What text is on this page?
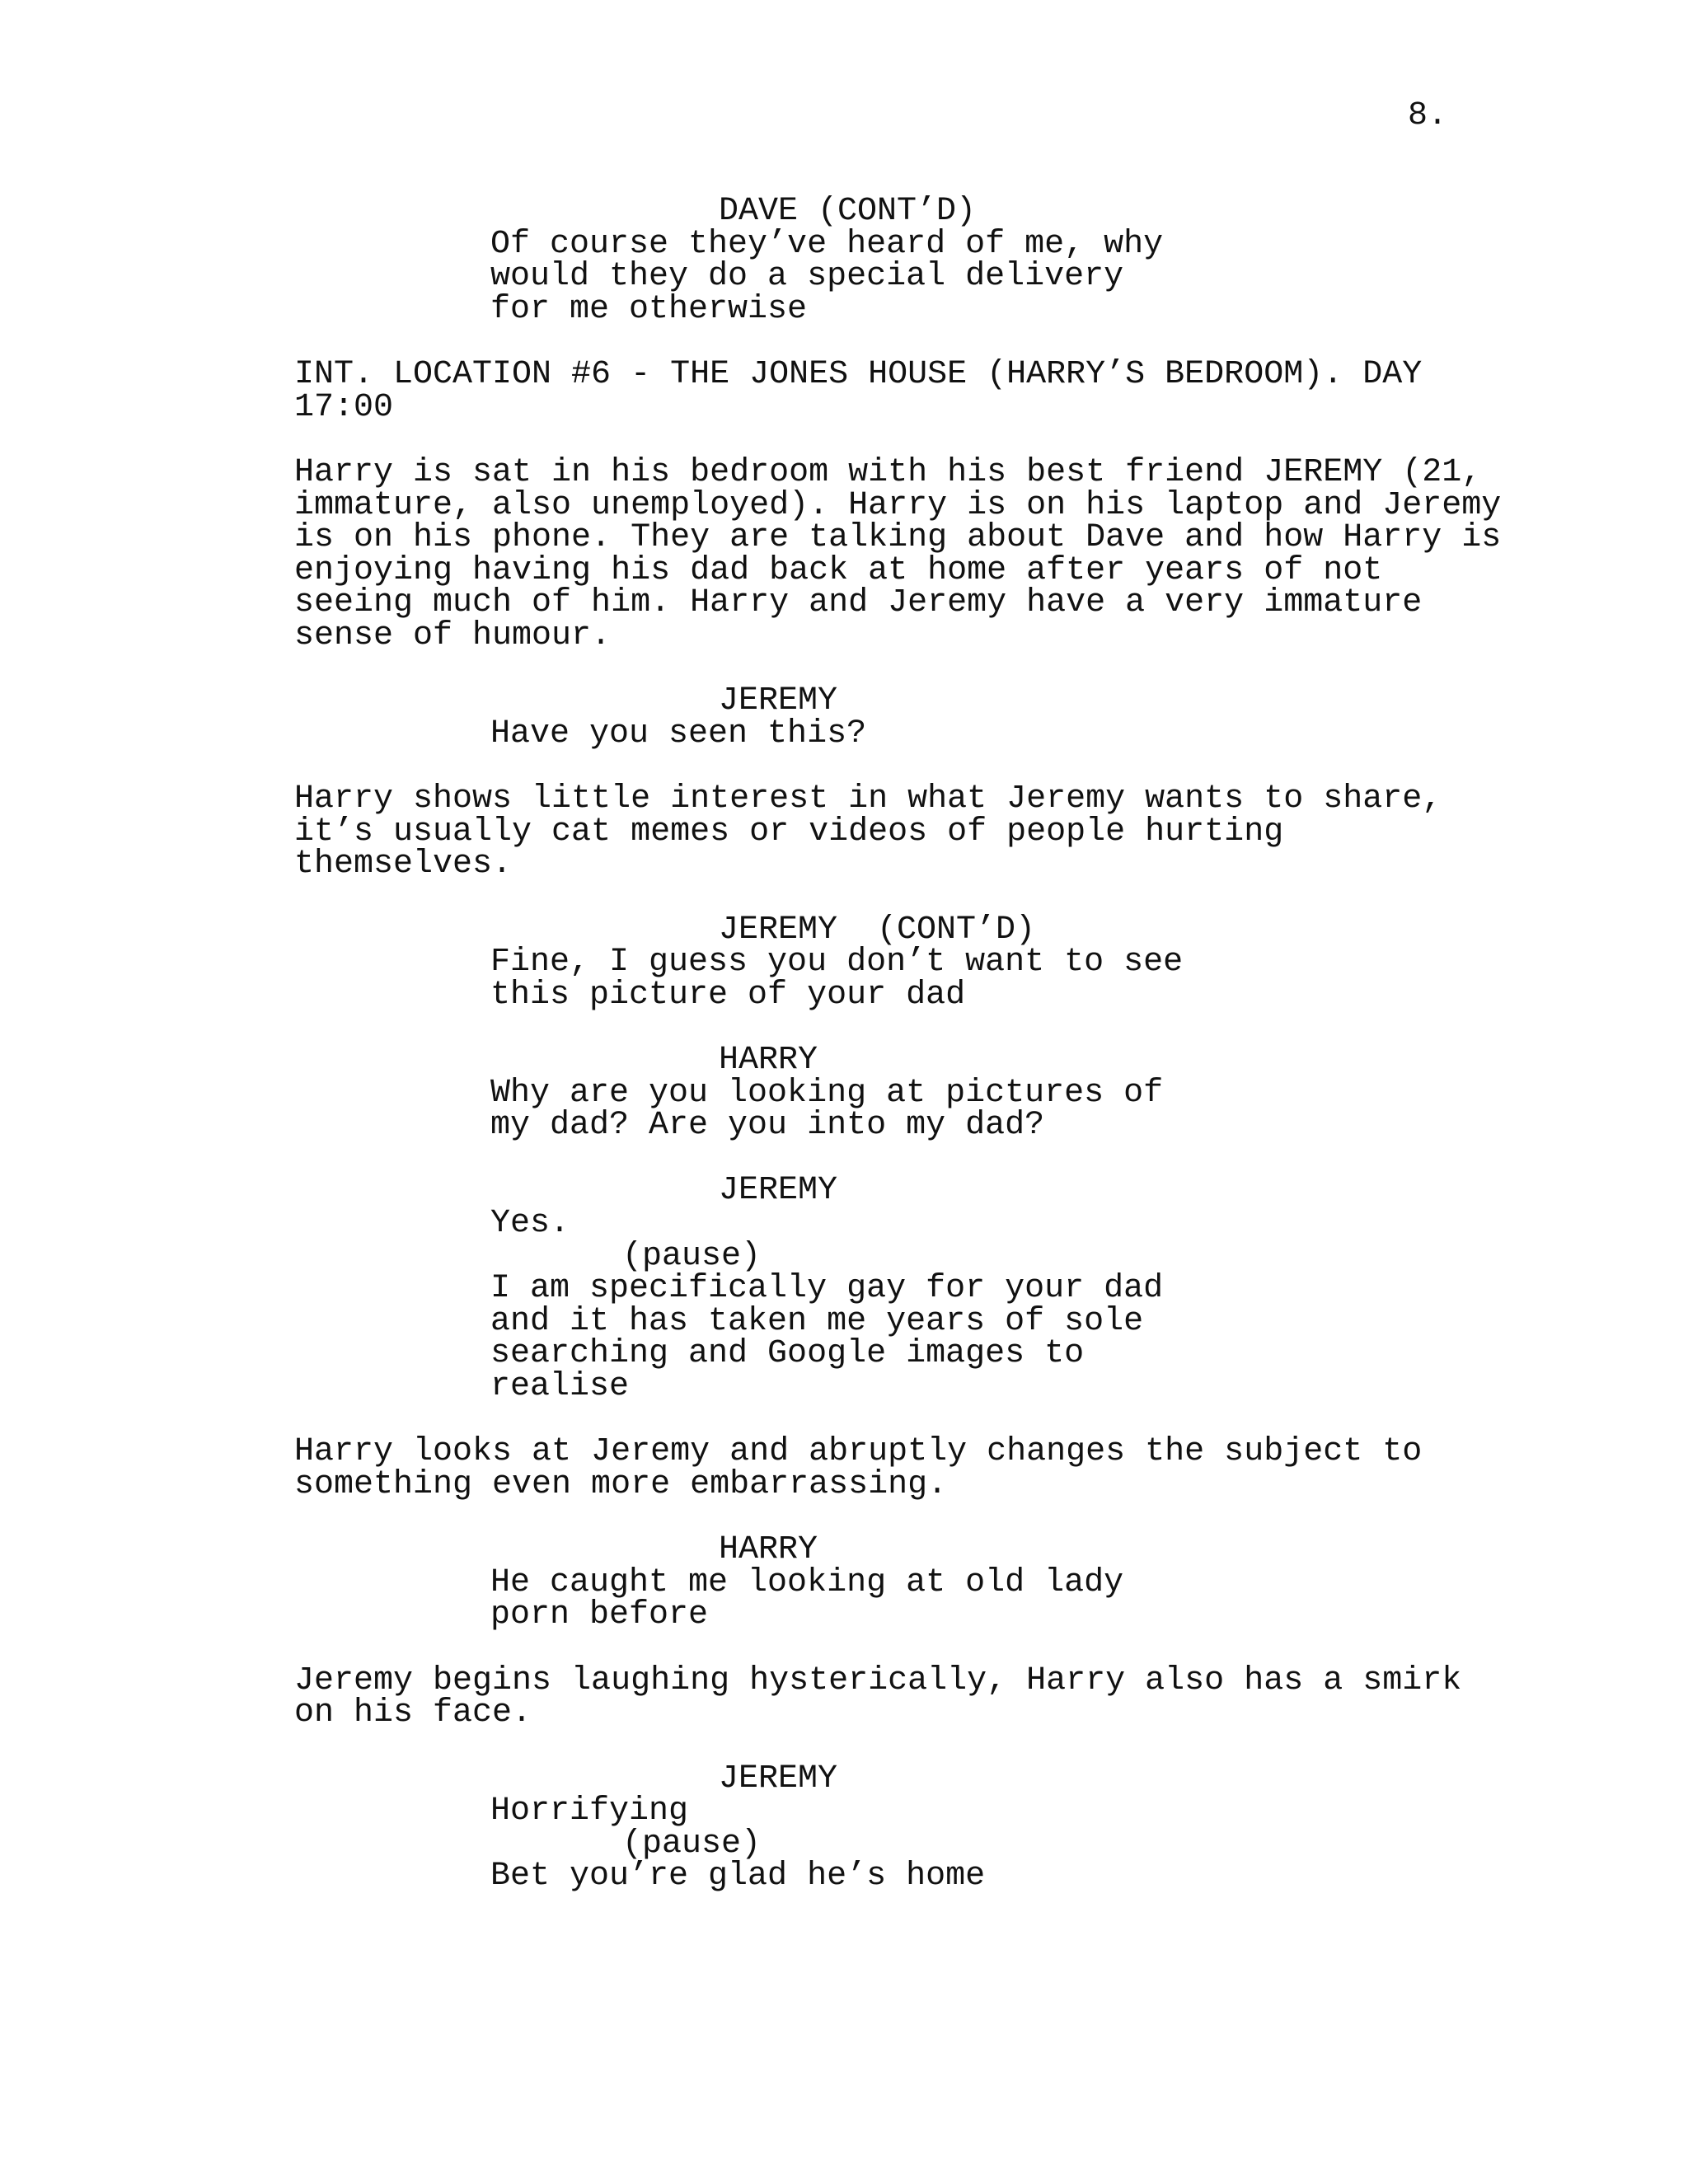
8.
DAVE (CONT’D)
Of course they’ve heard of me, why
would they do a special delivery
for me otherwise
INT. LOCATION #6 - THE JONES HOUSE (HARRY’S BEDROOM). DAY
17:00
Harry is sat in his bedroom with his best friend JEREMY (21,
immature, also unemployed). Harry is on his laptop and Jeremy
is on his phone. They are talking about Dave and how Harry is
enjoying having his dad back at home after years of not
seeing much of him. Harry and Jeremy have a very immature
sense of humour.
JEREMY
Have you seen this?
Harry shows little interest in what Jeremy wants to share,
it’s usually cat memes or videos of people hurting
themselves.
JEREMY  (CONT’D)
Fine, I guess you don’t want to see
this picture of your dad
HARRY
Why are you looking at pictures of
my dad? Are you into my dad?
JEREMY
Yes.
(pause)
I am specifically gay for your dad
and it has taken me years of sole
searching and Google images to
realise
Harry looks at Jeremy and abruptly changes the subject to
something even more embarrassing.
HARRY
He caught me looking at old lady
porn before
Jeremy begins laughing hysterically, Harry also has a smirk
on his face.
JEREMY
Horrifying
(pause)
Bet you’re glad he’s home
